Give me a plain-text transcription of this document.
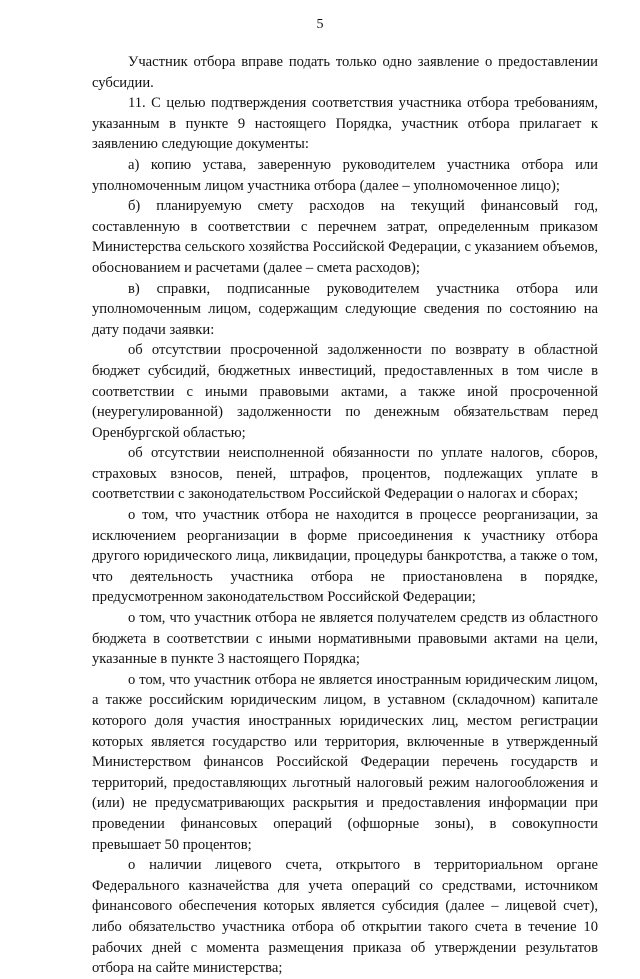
5

Участник отбора вправе подать только одно заявление о предоставлении субсидии.

11. С целью подтверждения соответствия участника отбора требованиям, указанным в пункте 9 настоящего Порядка, участник отбора прилагает к заявлению следующие документы:

а) копию устава, заверенную руководителем участника отбора или уполномоченным лицом участника отбора (далее – уполномоченное лицо);

б) планируемую смету расходов на текущий финансовый год, составленную в соответствии с перечнем затрат, определенным приказом Министерства сельского хозяйства Российской Федерации, с указанием объемов, обоснованием и расчетами (далее – смета расходов);

в) справки, подписанные руководителем участника отбора или уполномоченным лицом, содержащим следующие сведения по состоянию на дату подачи заявки:

об отсутствии просроченной задолженности по возврату в областной бюджет субсидий, бюджетных инвестиций, предоставленных в том числе в соответствии с иными правовыми актами, а также иной просроченной (неурегулированной) задолженности по денежным обязательствам перед Оренбургской областью;

об отсутствии неисполненной обязанности по уплате налогов, сборов, страховых взносов, пеней, штрафов, процентов, подлежащих уплате в соответствии с законодательством Российской Федерации о налогах и сборах;

о том, что участник отбора не находится в процессе реорганизации, за исключением реорганизации в форме присоединения к участнику отбора другого юридического лица, ликвидации, процедуры банкротства, а также о том, что деятельность участника отбора не приостановлена в порядке, предусмотренном законодательством Российской Федерации;

о том, что участник отбора не является получателем средств из областного бюджета в соответствии с иными нормативными правовыми актами на цели, указанные в пункте 3 настоящего Порядка;

о том, что участник отбора не является иностранным юридическим лицом, а также российским юридическим лицом, в уставном (складочном) капитале которого доля участия иностранных юридических лиц, местом регистрации которых является государство или территория, включенные в утвержденный Министерством финансов Российской Федерации перечень государств и территорий, предоставляющих льготный налоговый режим налогообложения и (или) не предусматривающих раскрытия и предоставления информации при проведении финансовых операций (офшорные зоны), в совокупности превышает 50 процентов;

о наличии лицевого счета, открытого в территориальном органе Федерального казначейства для учета операций со средствами, источником финансового обеспечения которых является субсидия (далее – лицевой счет), либо обязательство участника отбора об открытии такого счета в течение 10 рабочих дней с момента размещения приказа об утверждении результатов отбора на сайте министерства;
